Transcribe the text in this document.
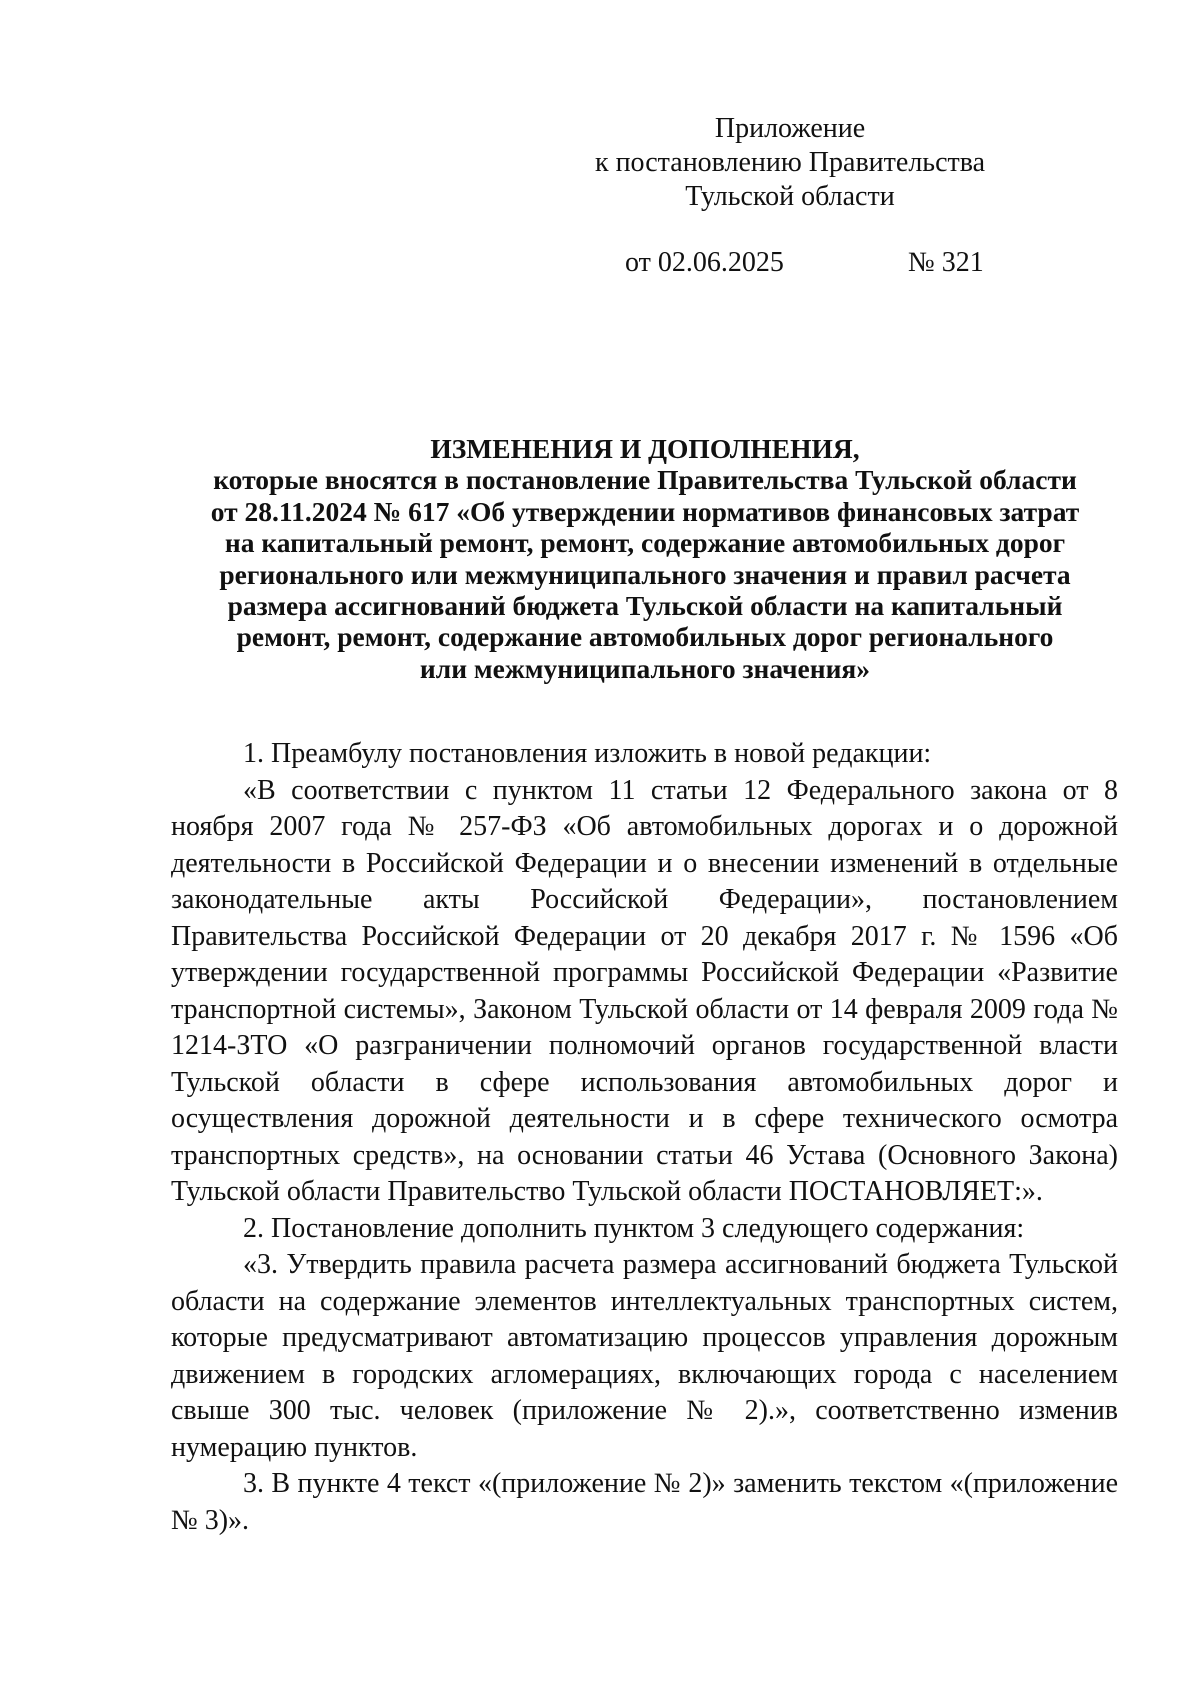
Приложение
к постановлению Правительства
Тульской области
от 02.06.2025	№ 321
ИЗМЕНЕНИЯ И ДОПОЛНЕНИЯ,
которые вносятся в постановление Правительства Тульской области
от 28.11.2024 № 617 «Об утверждении нормативов финансовых затрат
на капитальный ремонт, ремонт, содержание автомобильных дорог
регионального или межмуниципального значения и правил расчета
размера ассигнований бюджета Тульской области на капитальный
ремонт, ремонт, содержание автомобильных дорог регионального
или межмуниципального значения»

1. Преамбулу постановления изложить в новой редакции:

«В соответствии с пунктом 11 статьи 12 Федерального закона от 8 ноября 2007 года № 257-ФЗ «Об автомобильных дорогах и о дорожной деятельности в Российской Федерации и о внесении изменений в отдельные законодательные акты Российской Федерации», постановлением Правительства Российской Федерации от 20 декабря 2017 г. № 1596 «Об утверждении государственной программы Российской Федерации «Развитие транспортной системы», Законом Тульской области от 14 февраля 2009 года № 1214-ЗТО «О разграничении полномочий органов государственной власти Тульской области в сфере использования автомобильных дорог и осуществления дорожной деятельности и в сфере технического осмотра транспортных средств», на основании статьи 46 Устава (Основного Закона) Тульской области Правительство Тульской области ПОСТАНОВЛЯЕТ:».

2. Постановление дополнить пунктом 3 следующего содержания:

«3. Утвердить правила расчета размера ассигнований бюджета Тульской области на содержание элементов интеллектуальных транспортных систем, которые предусматривают автоматизацию процессов управления дорожным движением в городских агломерациях, включающих города с населением свыше 300 тыс. человек (приложение № 2).», соответственно изменив нумерацию пунктов.

3. В пункте 4 текст «(приложение № 2)» заменить текстом «(приложение № 3)».
